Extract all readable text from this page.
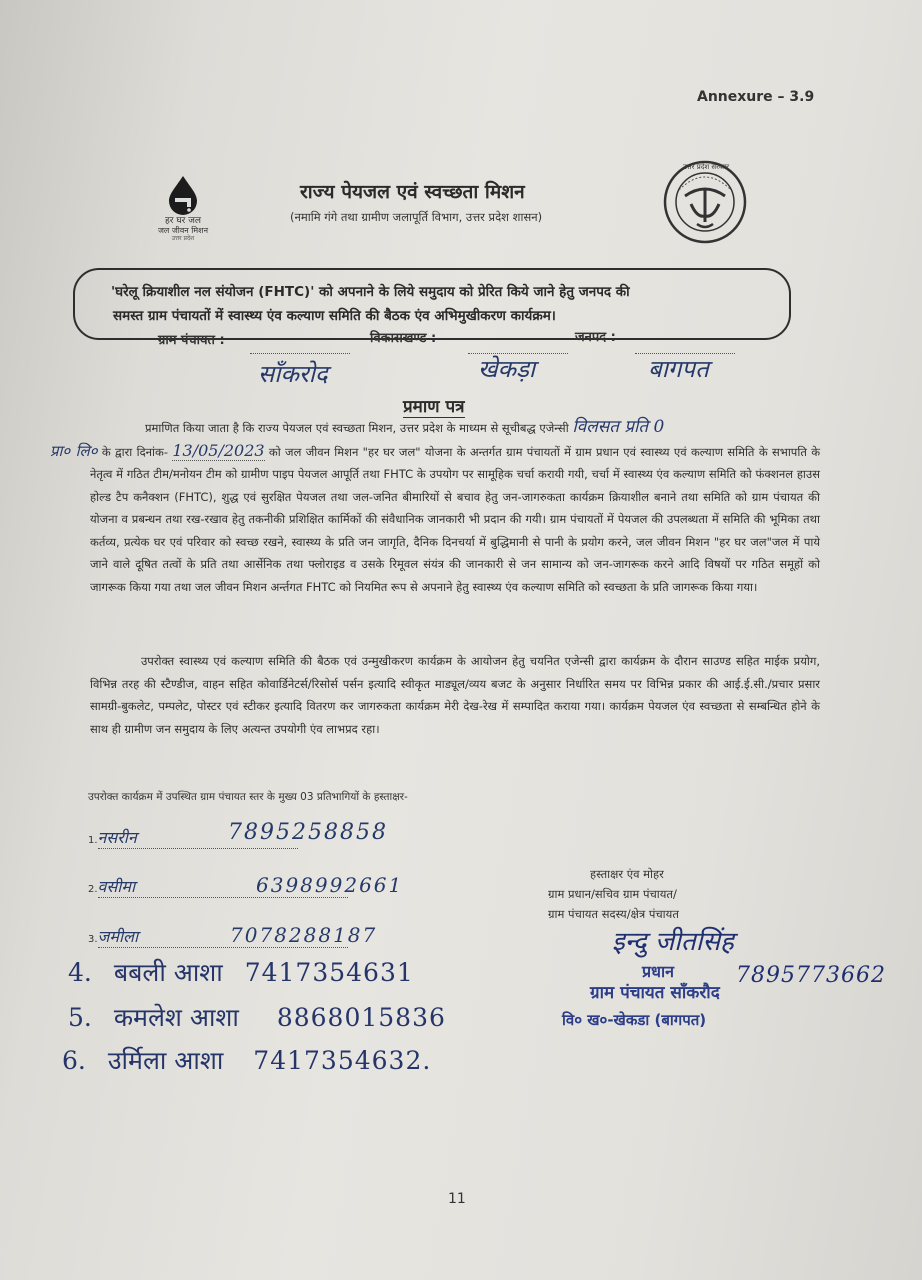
Annexure – 3.9
हर घर जल
जल जीवन मिशन
उत्तर प्रदेश
राज्य पेयजल एवं स्वच्छता मिशन
(नमामि गंगे तथा ग्रामीण जलापूर्ति विभाग, उत्तर प्रदेश शासन)
उत्तर प्रदेश सरकार
'घरेलू क्रियाशील नल संयोजन (FHTC)' को अपनाने के लिये समुदाय को प्रेरित किये जाने हेतु जनपद की
समस्त ग्राम पंचायतों में स्वास्थ्य एंव कल्याण समिति की बैठक एंव अभिमुखीकरण कार्यक्रम।
ग्राम पंचायत :
सॉंकरोद
विकासखण्ड :
खेकड़ा
जनपद :
बागपत
प्रमाण पत्र
प्रमाणित किया जाता है कि राज्य पेयजल एवं स्वच्छता मिशन, उत्तर प्रदेश के माध्यम से सूचीबद्ध एजेन्सी विलसत प्रति 0
प्रा० लि० के द्वारा दिनांक- 13/05/2023 को जल जीवन मिशन "हर घर जल" योजना के अन्तर्गत ग्राम पंचायतों में ग्राम प्रधान एवं स्वास्थ्य एवं कल्याण समिति के सभापति के नेतृत्व में गठित टीम/मनोयन टीम को ग्रामीण पाइप पेयजल आपूर्ति तथा FHTC के उपयोग पर सामूहिक चर्चा करायी गयी, चर्चा में स्वास्थ्य एंव कल्याण समिति को फंक्शनल हाउस होल्ड टैप कनैक्शन (FHTC), शुद्ध एवं सुरक्षित पेयजल तथा जल-जनित बीमारियों से बचाव हेतु जन-जागरुकता कार्यक्रम क्रियाशील बनाने तथा समिति को ग्राम पंचायत की योजना व प्रबन्धन तथा रख-रखाव हेतु तकनीकी प्रशिक्षित कार्मिकों की संवैधानिक जानकारी भी प्रदान की गयी। ग्राम पंचायतों में पेयजल की उपलब्धता में समिति की भूमिका तथा कर्तव्य, प्रत्येक घर एवं परिवार को स्वच्छ रखने, स्वास्थ्य के प्रति जन जागृति, दैनिक दिनचर्या में बुद्धिमानी से पानी के प्रयोग करने, जल जीवन मिशन "हर घर जल"जल में पाये जाने वाले दूषित तत्वों के प्रति तथा आर्सेनिक तथा फ्लोराइड व उसके रिमूवल संयंत्र की जानकारी से जन सामान्य को जन-जागरूक करने आदि विषयों पर गठित समूहों को जागरूक किया गया तथा जल जीवन मिशन अर्न्तगत FHTC को नियमित रूप से अपनाने हेतु स्वास्थ्य एंव कल्याण समिति को स्वच्छता के प्रति जागरूक किया गया।
उपरोक्त स्वास्थ्य एवं कल्याण समिति की बैठक एवं उन्मुखीकरण कार्यक्रम के आयोजन हेतु चयनित एजेन्सी द्वारा कार्यक्रम के दौरान साउण्ड सहित माईक प्रयोग, विभिन्न तरह की स्टैण्डीज, वाहन सहित कोवार्डिनेटर्स/रिसोर्स पर्सन इत्यादि स्वीकृत माड्यूल/व्यय बजट के अनुसार निर्धारित समय पर विभिन्न प्रकार की आई.ई.सी./प्रचार प्रसार सामग्री-बुकलेट, पम्पलेट, पोस्टर एवं स्टीकर इत्यादि वितरण कर जागरुकता कार्यक्रम मेरी देख-रेख में सम्पादित कराया गया। कार्यक्रम पेयजल एंव स्वच्छता से सम्बन्धित होने के साथ ही ग्रामीण जन समुदाय के लिए अत्यन्त उपयोगी एंव लाभप्रद रहा।
उपरोक्त कार्यक्रम में उपस्थित ग्राम पंचायत स्तर के मुख्य 03 प्रतिभागियों के हस्ताक्षर-
1.नसरीन	7895258858
2.वसीमा	6398992661
3.जमीला	7078288187
4. बबली आशा 7417354631
5. कमलेश आशा 8868015836
6. उर्मिला आशा 7417354632.
हस्ताक्षर एंव मोहर
ग्राम प्रधान/सचिव ग्राम पंचायत/
ग्राम पंचायत सदस्य/क्षेत्र पंचायत
इन्दु जीतसिंह
प्रधान	7895773662
ग्राम पंचायत सॉंकरौद
वि० ख०-खेकडा (बागपत)
11
